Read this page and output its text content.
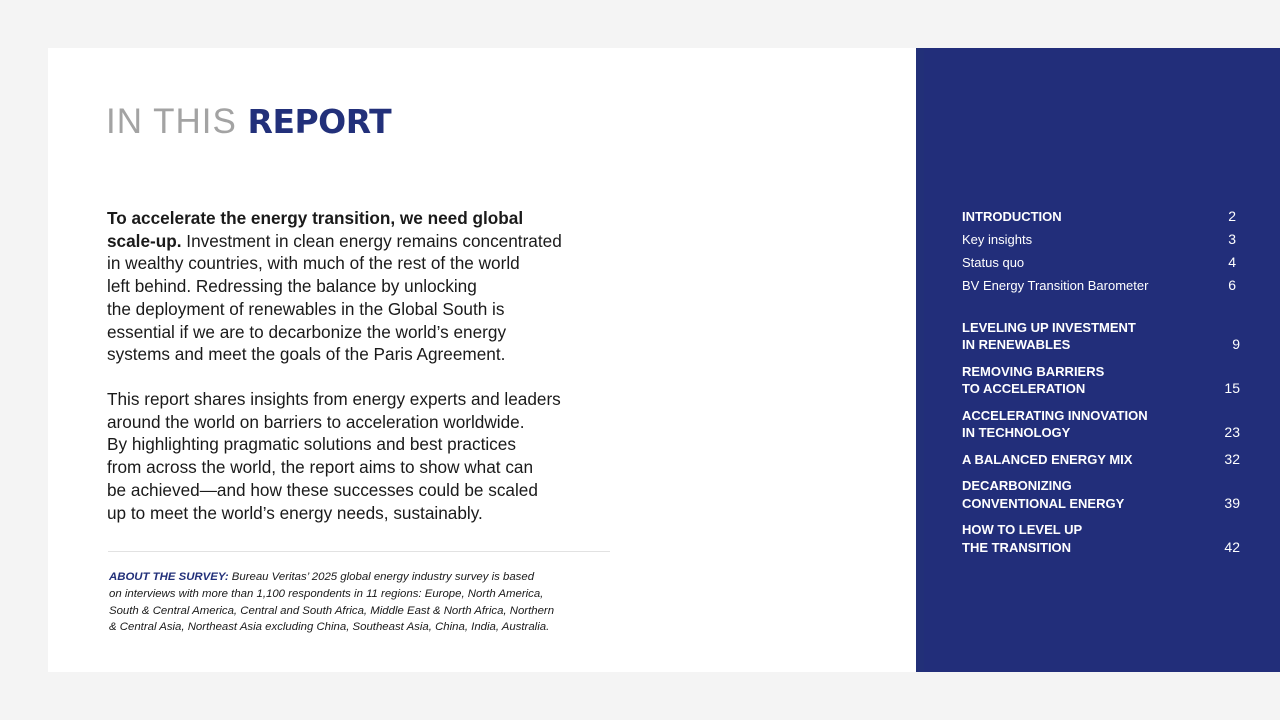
IN THIS REPORT

To accelerate the energy transition, we need global
scale-up. Investment in clean energy remains concentrated
in wealthy countries, with much of the rest of the world
left behind. Redressing the balance by unlocking
the deployment of renewables in the Global South is
essential if we are to decarbonize the world’s energy
systems and meet the goals of the Paris Agreement.

This report shares insights from energy experts and leaders
around the world on barriers to acceleration worldwide.
By highlighting pragmatic solutions and best practices
from across the world, the report aims to show what can
be achieved—and how these successes could be scaled
up to meet the world’s energy needs, sustainably.

ABOUT THE SURVEY: Bureau Veritas’ 2025 global energy industry survey is based
on interviews with more than 1,100 respondents in 11 regions: Europe, North America,
South & Central America, Central and South Africa, Middle East & North Africa, Northern
& Central Asia, Northeast Asia excluding China, Southeast Asia, China, India, Australia.

INTRODUCTION	2
Key insights	3
Status quo	4
BV Energy Transition Barometer	6
LEVELING UP INVESTMENT
IN RENEWABLES	9
REMOVING BARRIERS
TO ACCELERATION	15
ACCELERATING INNOVATION
IN TECHNOLOGY	23
A BALANCED ENERGY MIX	32
DECARBONIZING
CONVENTIONAL ENERGY	39
HOW TO LEVEL UP
THE TRANSITION	42
